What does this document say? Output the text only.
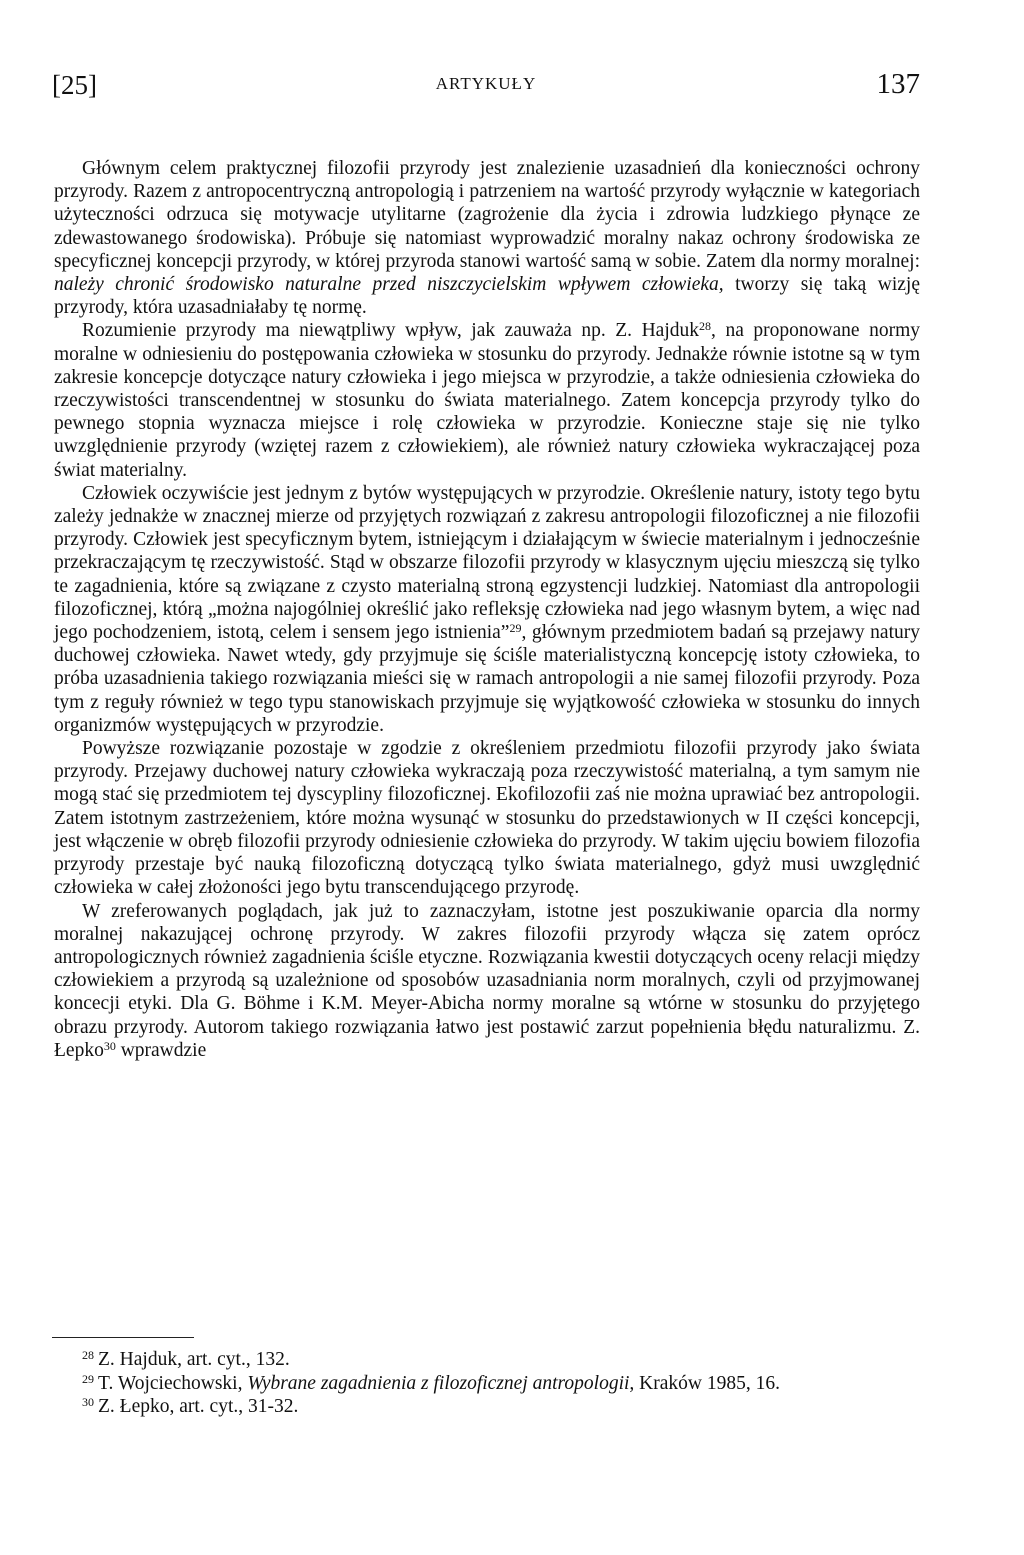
[25]	ARTYKUŁY	137

Głównym celem praktycznej filozofii przyrody jest znalezienie uzasadnień dla konieczności ochrony przyrody. Razem z antropocentryczną antropologią i patrzeniem na wartość przyrody wyłącznie w kategoriach użyteczności odrzuca się motywacje utylitarne (zagrożenie dla życia i zdrowia ludzkiego płynące ze zdewastowanego środowiska). Próbuje się natomiast wyprowadzić moralny nakaz ochrony środowiska ze specyficznej koncepcji przyrody, w której przyroda stanowi wartość samą w sobie. Zatem dla normy moralnej: należy chronić środowisko naturalne przed niszczycielskim wpływem człowieka, tworzy się taką wizję przyrody, która uzasadniałaby tę normę.

Rozumienie przyrody ma niewątpliwy wpływ, jak zauważa np. Z. Hajduk$^{28}$, na proponowane normy moralne w odniesieniu do postępowania człowieka w stosunku do przyrody. Jednakże równie istotne są w tym zakresie koncepcje dotyczące natury człowieka i jego miejsca w przyrodzie, a także odniesienia człowieka do rzeczywistości transcendentnej w stosunku do świata materialnego. Zatem koncepcja przyrody tylko do pewnego stopnia wyznacza miejsce i rolę człowieka w przyrodzie. Konieczne staje się nie tylko uwzględnienie przyrody (wziętej razem z człowiekiem), ale również natury człowieka wykraczającej poza świat materialny.

Człowiek oczywiście jest jednym z bytów występujących w przyrodzie. Określenie natury, istoty tego bytu zależy jednakże w znacznej mierze od przyjętych rozwiązań z zakresu antropologii filozoficznej a nie filozofii przyrody. Człowiek jest specyficznym bytem, istniejącym i działającym w świecie materialnym i jednocześnie przekraczającym tę rzeczywistość. Stąd w obszarze filozofii przyrody w klasycznym ujęciu mieszczą się tylko te zagadnienia, które są związane z czysto materialną stroną egzystencji ludzkiej. Natomiast dla antropologii filozoficznej, którą „można najogólniej określić jako refleksję człowieka nad jego własnym bytem, a więc nad jego pochodzeniem, istotą, celem i sensem jego istnienia”$^{29}$, głównym przedmiotem badań są przejawy natury duchowej człowieka. Nawet wtedy, gdy przyjmuje się ściśle materialistyczną koncepcję istoty człowieka, to próba uzasadnienia takiego rozwiązania mieści się w ramach antropologii a nie samej filozofii przyrody. Poza tym z reguły również w tego typu stanowiskach przyjmuje się wyjątkowość człowieka w stosunku do innych organizmów występujących w przyrodzie.

Powyższe rozwiązanie pozostaje w zgodzie z określeniem przedmiotu filozofii przyrody jako świata przyrody. Przejawy duchowej natury człowieka wykraczają poza rzeczywistość materialną, a tym samym nie mogą stać się przedmiotem tej dyscypliny filozoficznej. Ekofilozofii zaś nie można uprawiać bez antropologii. Zatem istotnym zastrzeżeniem, które można wysunąć w stosunku do przedstawionych w II części koncepcji, jest włączenie w obręb filozofii przyrody odniesienie człowieka do przyrody. W takim ujęciu bowiem filozofia przyrody przestaje być nauką filozoficzną dotyczącą tylko świata materialnego, gdyż musi uwzględnić człowieka w całej złożoności jego bytu transcendującego przyrodę.

W zreferowanych poglądach, jak już to zaznaczyłam, istotne jest poszukiwanie oparcia dla normy moralnej nakazującej ochronę przyrody. W zakres filozofii przyrody włącza się zatem oprócz antropologicznych również zagadnienia ściśle etyczne. Rozwiązania kwestii dotyczących oceny relacji między człowiekiem a przyrodą są uzależnione od sposobów uzasadniania norm moralnych, czyli od przyjmowanej koncecji etyki. Dla G. Böhme i K.M. Meyer-Abicha normy moralne są wtórne w stosunku do przyjętego obrazu przyrody. Autorom takiego rozwiązania łatwo jest postawić zarzut popełnienia błędu naturalizmu. Z. Łepko$^{30}$ wprawdzie

$^{28}$ Z. Hajduk, art. cyt., 132.

$^{29}$ T. Wojciechowski, Wybrane zagadnienia z filozoficznej antropologii, Kraków 1985, 16.

$^{30}$ Z. Łepko, art. cyt., 31-32.
